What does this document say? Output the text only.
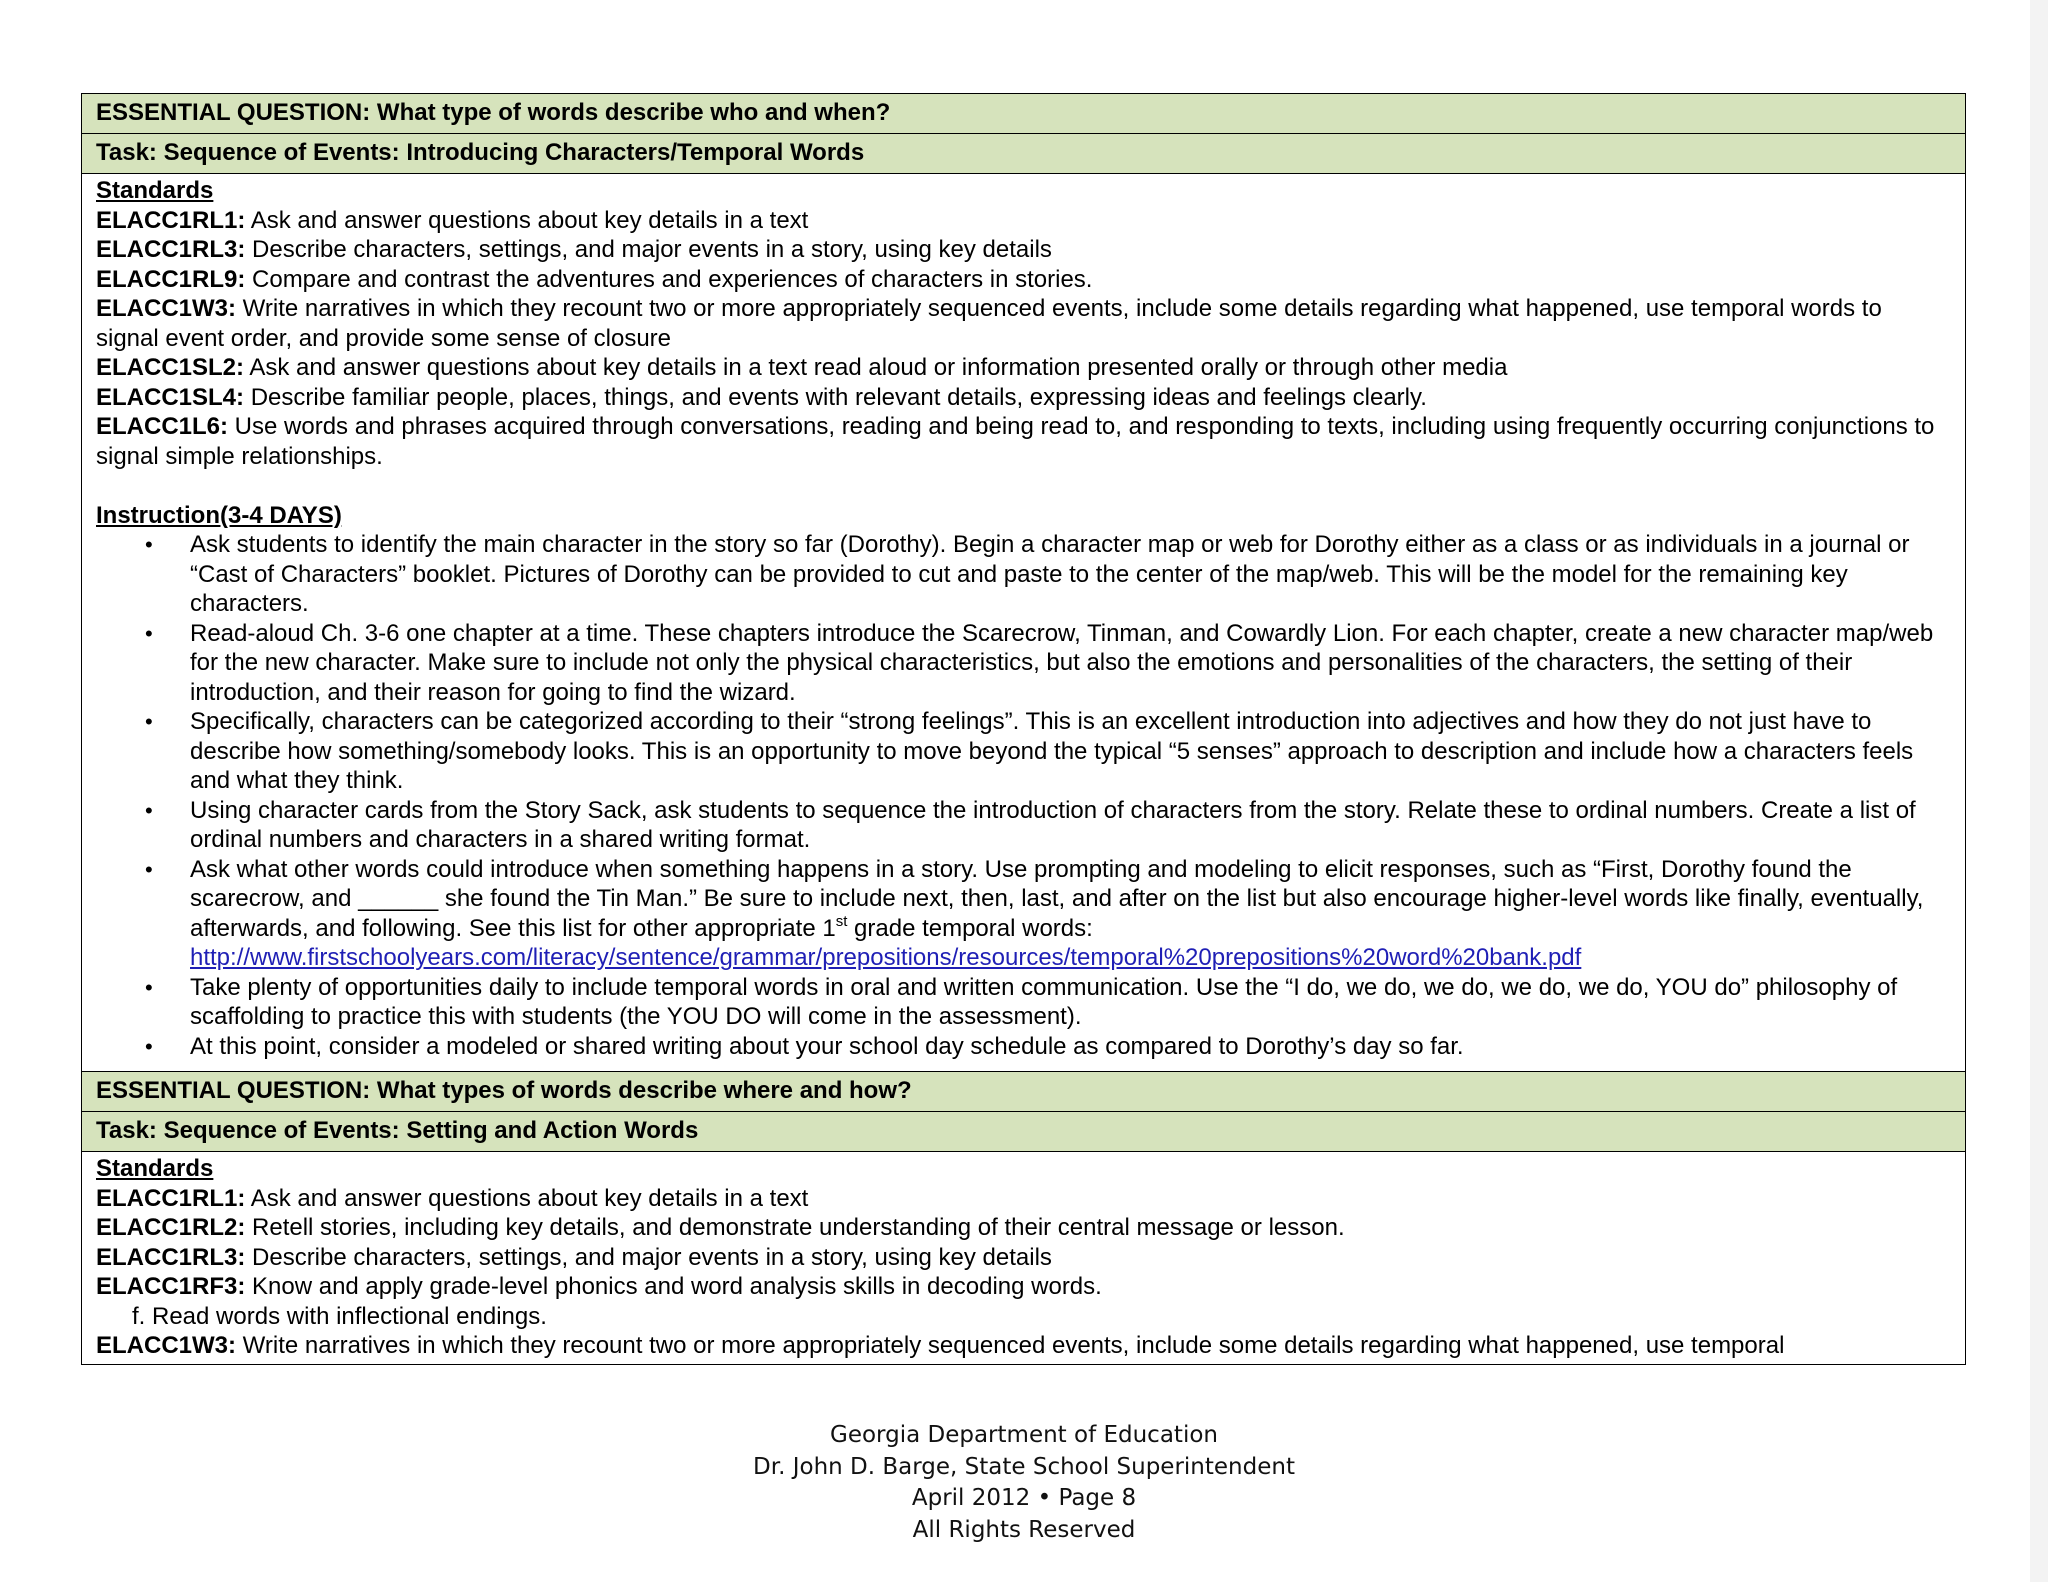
ESSENTIAL QUESTION: What type of words describe who and when?
Task: Sequence of Events: Introducing Characters/Temporal Words
Standards
ELACC1RL1: Ask and answer questions about key details in a text
ELACC1RL3: Describe characters, settings, and major events in a story, using key details
ELACC1RL9: Compare and contrast the adventures and experiences of characters in stories.
ELACC1W3: Write narratives in which they recount two or more appropriately sequenced events, include some details regarding what happened, use temporal words to signal event order, and provide some sense of closure
ELACC1SL2: Ask and answer questions about key details in a text read aloud or information presented orally or through other media
ELACC1SL4: Describe familiar people, places, things, and events with relevant details, expressing ideas and feelings clearly.
ELACC1L6: Use words and phrases acquired through conversations, reading and being read to, and responding to texts, including using frequently occurring conjunctions to signal simple relationships.
Instruction(3-4 DAYS)
• Ask students to identify the main character in the story so far (Dorothy). Begin a character map or web for Dorothy either as a class or as individuals in a journal or “Cast of Characters” booklet. Pictures of Dorothy can be provided to cut and paste to the center of the map/web. This will be the model for the remaining key characters.
• Read-aloud Ch. 3-6 one chapter at a time. These chapters introduce the Scarecrow, Tinman, and Cowardly Lion. For each chapter, create a new character map/web for the new character. Make sure to include not only the physical characteristics, but also the emotions and personalities of the characters, the setting of their introduction, and their reason for going to find the wizard.
• Specifically, characters can be categorized according to their “strong feelings”. This is an excellent introduction into adjectives and how they do not just have to describe how something/somebody looks. This is an opportunity to move beyond the typical “5 senses” approach to description and include how a characters feels and what they think.
• Using character cards from the Story Sack, ask students to sequence the introduction of characters from the story. Relate these to ordinal numbers. Create a list of ordinal numbers and characters in a shared writing format.
• Ask what other words could introduce when something happens in a story. Use prompting and modeling to elicit responses, such as “First, Dorothy found the scarecrow, and ______ she found the Tin Man.” Be sure to include next, then, last, and after on the list but also encourage higher-level words like finally, eventually, afterwards, and following. See this list for other appropriate 1st grade temporal words:
http://www.firstschoolyears.com/literacy/sentence/grammar/prepositions/resources/temporal%20prepositions%20word%20bank.pdf
• Take plenty of opportunities daily to include temporal words in oral and written communication. Use the “I do, we do, we do, we do, we do, YOU do” philosophy of scaffolding to practice this with students (the YOU DO will come in the assessment).
• At this point, consider a modeled or shared writing about your school day schedule as compared to Dorothy’s day so far.
ESSENTIAL QUESTION: What types of words describe where and how?
Task: Sequence of Events: Setting and Action Words
Standards
ELACC1RL1: Ask and answer questions about key details in a text
ELACC1RL2: Retell stories, including key details, and demonstrate understanding of their central message or lesson.
ELACC1RL3: Describe characters, settings, and major events in a story, using key details
ELACC1RF3: Know and apply grade-level phonics and word analysis skills in decoding words.
f. Read words with inflectional endings.
ELACC1W3: Write narratives in which they recount two or more appropriately sequenced events, include some details regarding what happened, use temporal
Georgia Department of Education
Dr. John D. Barge, State School Superintendent
April 2012 • Page 8
All Rights Reserved
